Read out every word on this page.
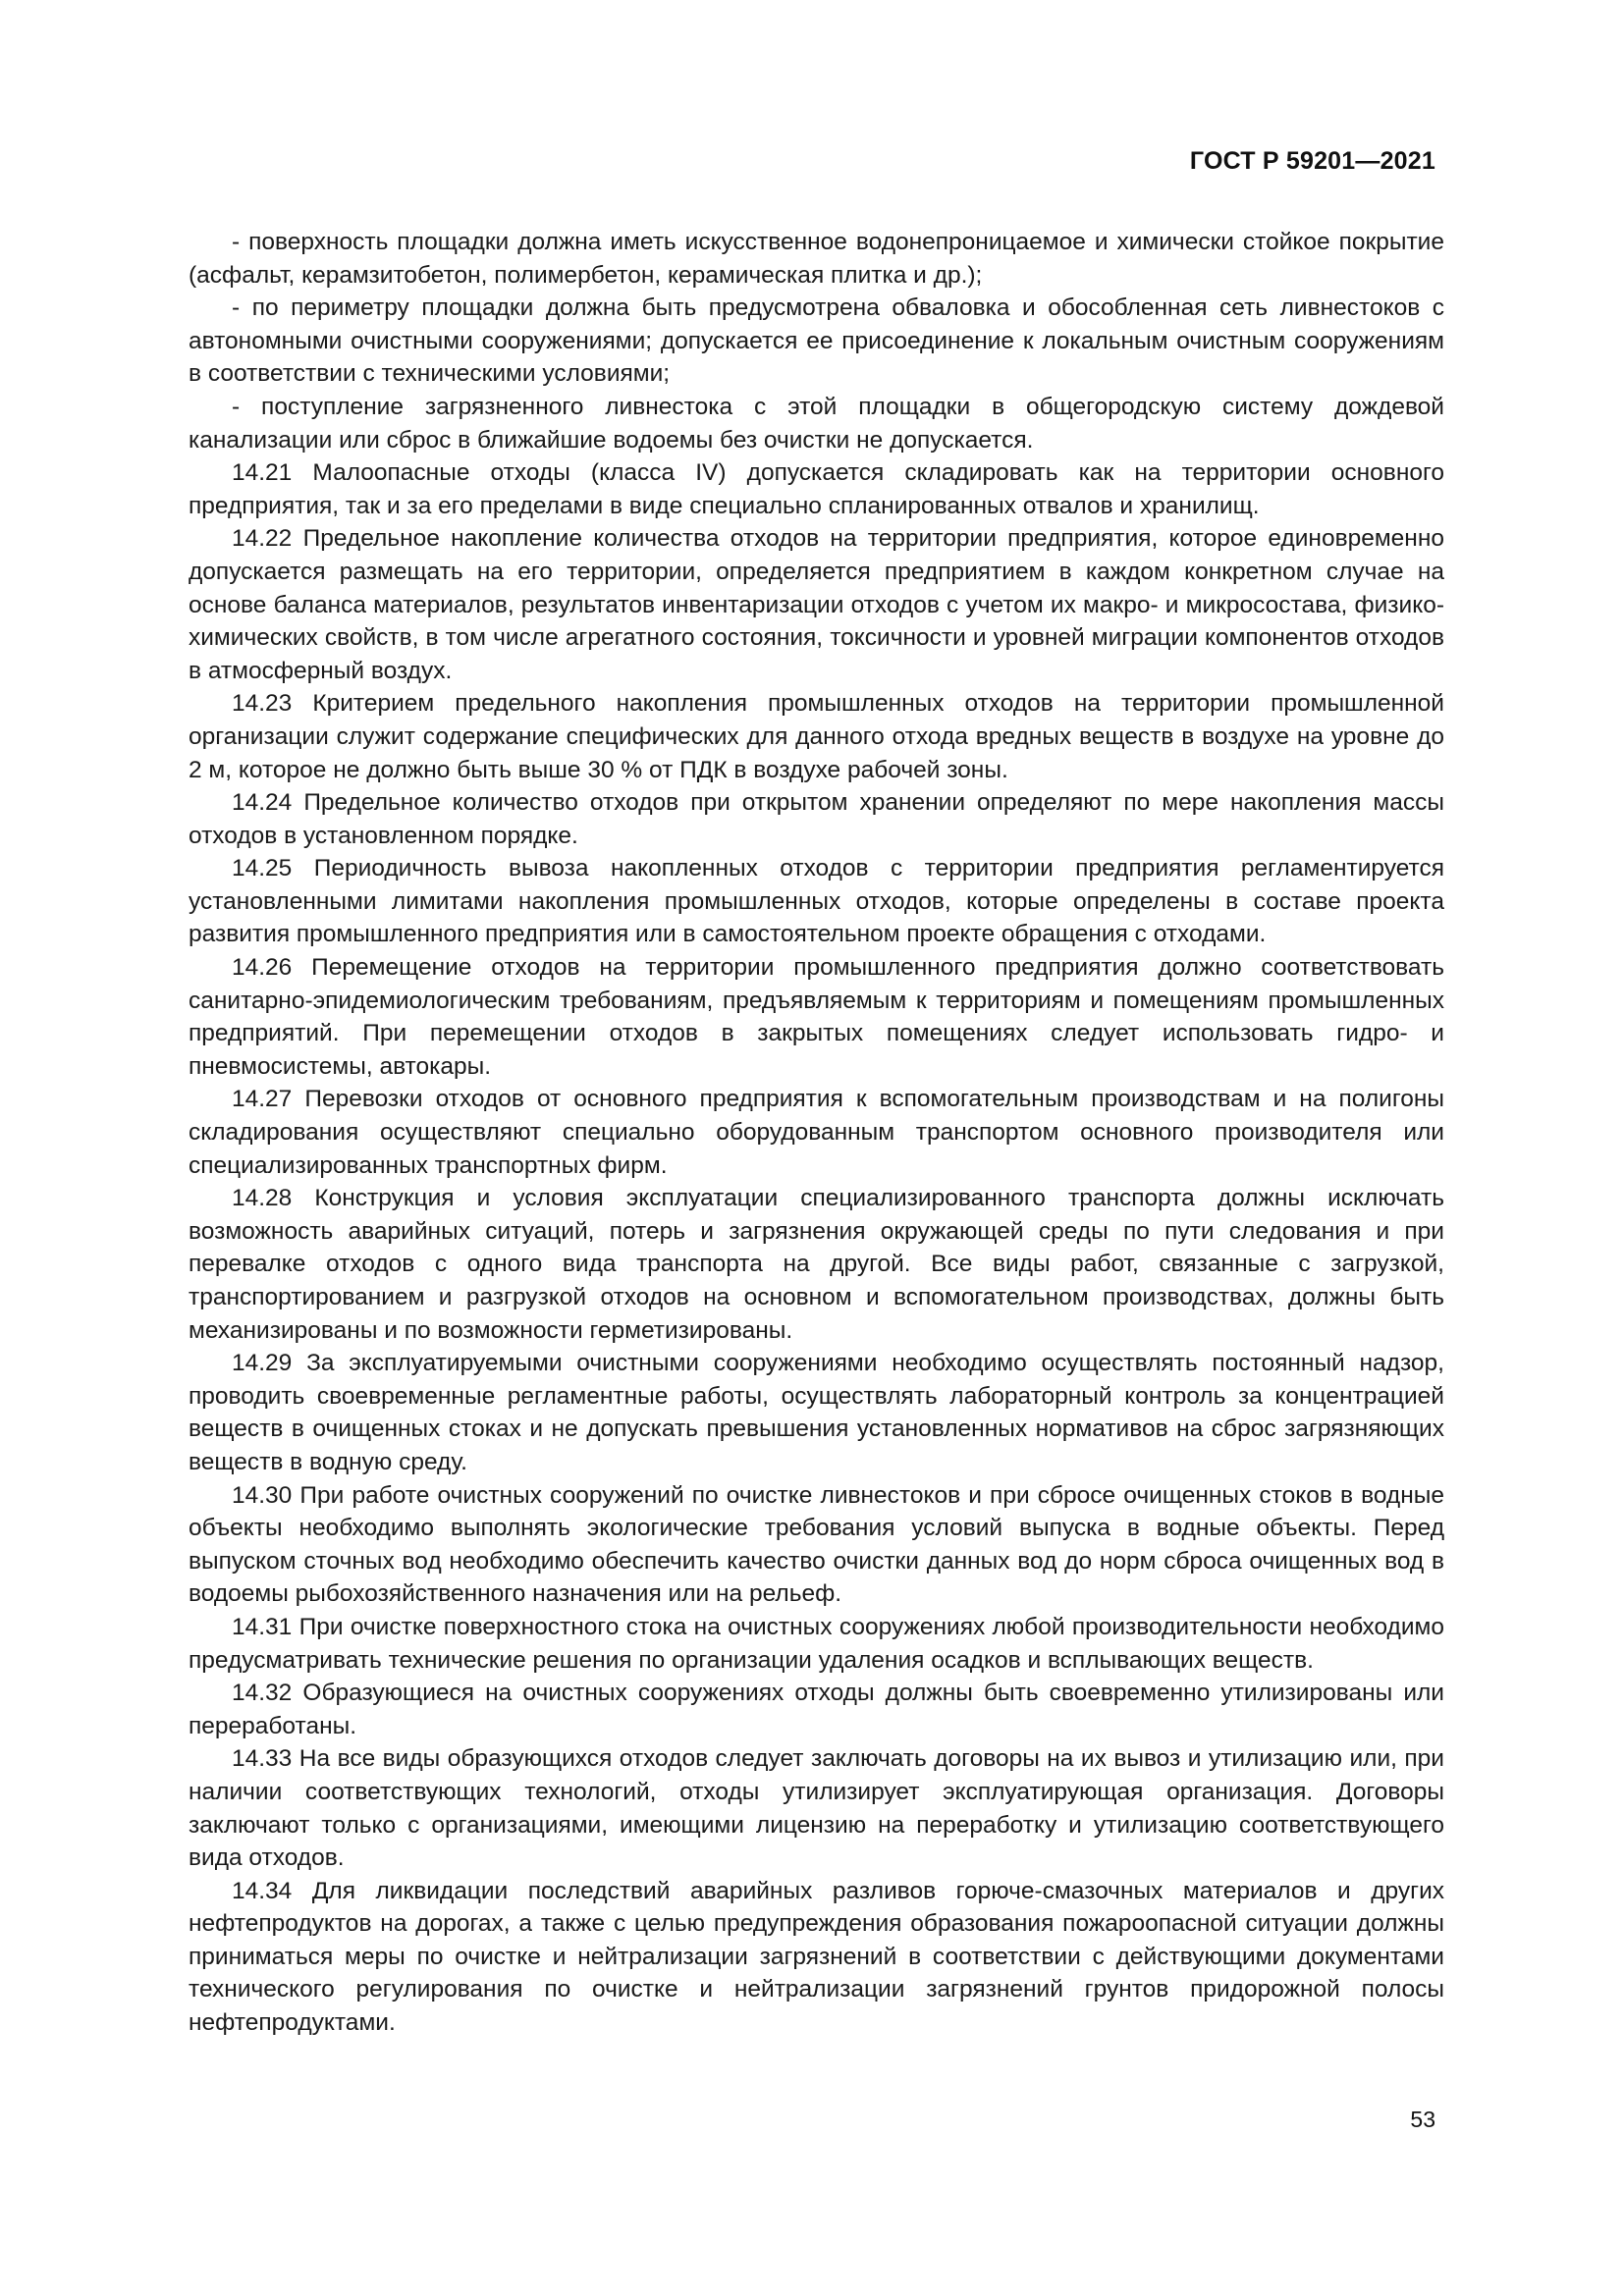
ГОСТ Р 59201—2021

- поверхность площадки должна иметь искусственное водонепроницаемое и химически стойкое покрытие (асфальт, керамзитобетон, полимербетон, керамическая плитка и др.);

- по периметру площадки должна быть предусмотрена обваловка и обособленная сеть ливнестоков с автономными очистными сооружениями; допускается ее присоединение к локальным очистным сооружениям в соответствии с техническими условиями;

- поступление загрязненного ливнестока с этой площадки в общегородскую систему дождевой канализации или сброс в ближайшие водоемы без очистки не допускается.

14.21 Малоопасные отходы (класса IV) допускается складировать как на территории основного предприятия, так и за его пределами в виде специально спланированных отвалов и хранилищ.

14.22 Предельное накопление количества отходов на территории предприятия, которое единовременно допускается размещать на его территории, определяется предприятием в каждом конкретном случае на основе баланса материалов, результатов инвентаризации отходов с учетом их макро- и микросостава, физико-химических свойств, в том числе агрегатного состояния, токсичности и уровней миграции компонентов отходов в атмосферный воздух.

14.23 Критерием предельного накопления промышленных отходов на территории промышленной организации служит содержание специфических для данного отхода вредных веществ в воздухе на уровне до 2 м, которое не должно быть выше 30 % от ПДК в воздухе рабочей зоны.

14.24 Предельное количество отходов при открытом хранении определяют по мере накопления массы отходов в установленном порядке.

14.25 Периодичность вывоза накопленных отходов с территории предприятия регламентируется установленными лимитами накопления промышленных отходов, которые определены в составе проекта развития промышленного предприятия или в самостоятельном проекте обращения с отходами.

14.26 Перемещение отходов на территории промышленного предприятия должно соответствовать санитарно-эпидемиологическим требованиям, предъявляемым к территориям и помещениям промышленных предприятий. При перемещении отходов в закрытых помещениях следует использовать гидро- и пневмосистемы, автокары.

14.27 Перевозки отходов от основного предприятия к вспомогательным производствам и на полигоны складирования осуществляют специально оборудованным транспортом основного производителя или специализированных транспортных фирм.

14.28 Конструкция и условия эксплуатации специализированного транспорта должны исключать возможность аварийных ситуаций, потерь и загрязнения окружающей среды по пути следования и при перевалке отходов с одного вида транспорта на другой. Все виды работ, связанные с загрузкой, транспортированием и разгрузкой отходов на основном и вспомогательном производствах, должны быть механизированы и по возможности герметизированы.

14.29 За эксплуатируемыми очистными сооружениями необходимо осуществлять постоянный надзор, проводить своевременные регламентные работы, осуществлять лабораторный контроль за концентрацией веществ в очищенных стоках и не допускать превышения установленных нормативов на сброс загрязняющих веществ в водную среду.

14.30 При работе очистных сооружений по очистке ливнестоков и при сбросе очищенных стоков в водные объекты необходимо выполнять экологические требования условий выпуска в водные объекты. Перед выпуском сточных вод необходимо обеспечить качество очистки данных вод до норм сброса очищенных вод в водоемы рыбохозяйственного назначения или на рельеф.

14.31 При очистке поверхностного стока на очистных сооружениях любой производительности необходимо предусматривать технические решения по организации удаления осадков и всплывающих веществ.

14.32 Образующиеся на очистных сооружениях отходы должны быть своевременно утилизированы или переработаны.

14.33 На все виды образующихся отходов следует заключать договоры на их вывоз и утилизацию или, при наличии соответствующих технологий, отходы утилизирует эксплуатирующая организация. Договоры заключают только с организациями, имеющими лицензию на переработку и утилизацию соответствующего вида отходов.

14.34 Для ликвидации последствий аварийных разливов горюче-смазочных материалов и других нефтепродуктов на дорогах, а также с целью предупреждения образования пожароопасной ситуации должны приниматься меры по очистке и нейтрализации загрязнений в соответствии с действующими документами технического регулирования по очистке и нейтрализации загрязнений грунтов придорожной полосы нефтепродуктами.

53
